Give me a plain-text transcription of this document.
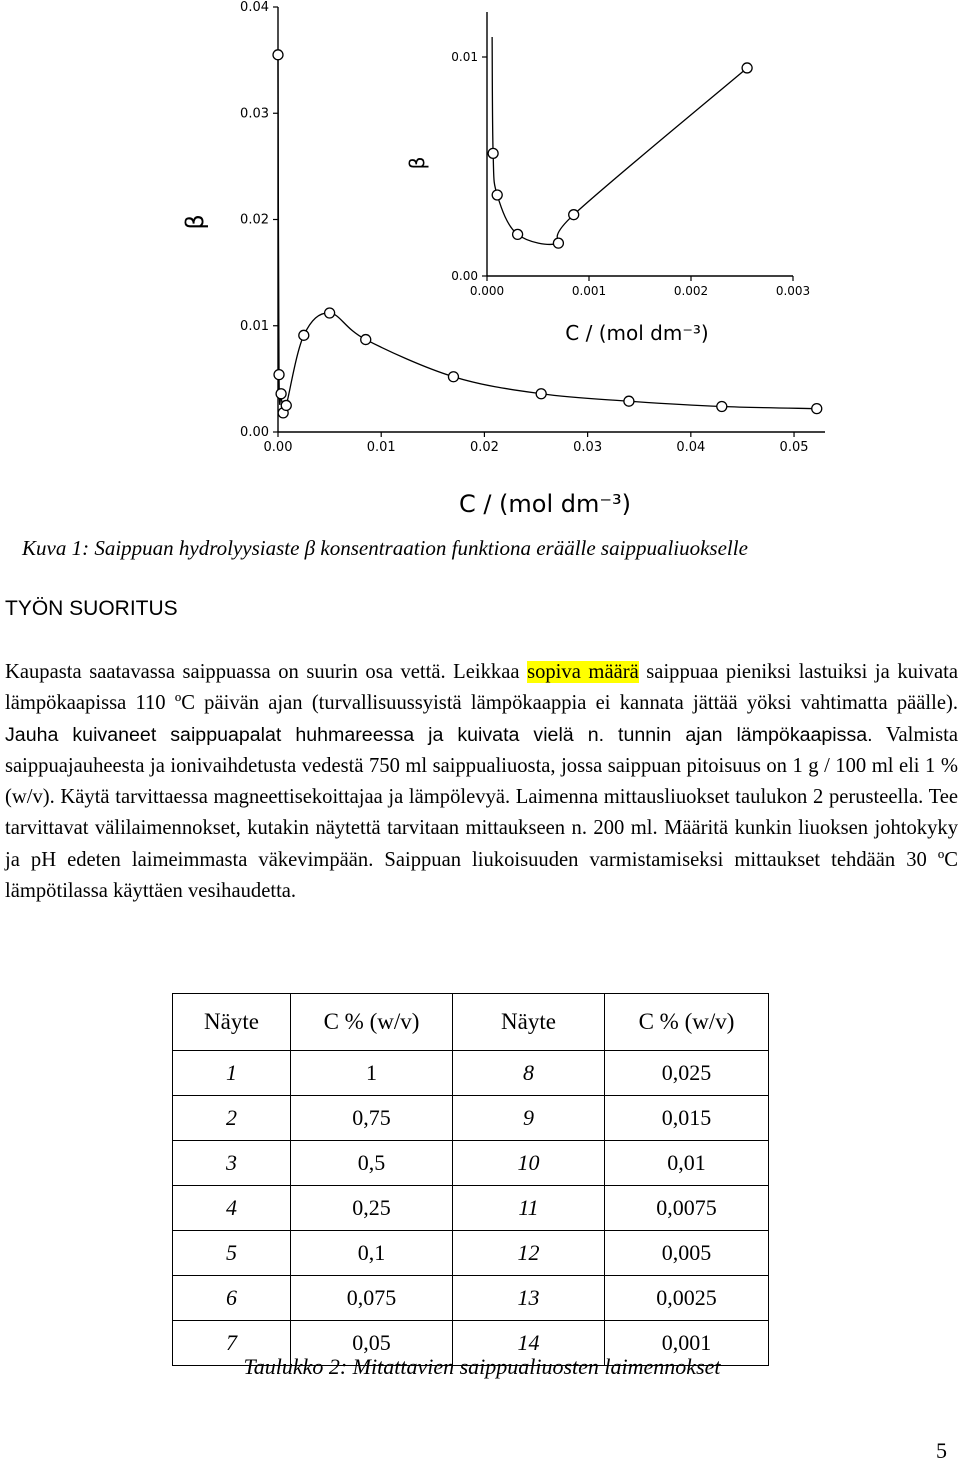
0.00	0.01	0.02	0.03	0.04	0.05
0.00
0.01
0.02
0.03
0.04
β
C / (mol dm⁻³)
0.000	0.001	0.002	0.003
0.00
0.01
β
C / (mol dm⁻³)
Kuva 1: Saippuan hydrolyysiaste β konsentraation funktiona eräälle saippualiuokselle
TYÖN SUORITUS
Kaupasta saatavassa saippuassa on suurin osa vettä. Leikkaa sopiva määrä saippuaa pieniksi lastuiksi ja kuivata lämpökaapissa 110 ºC päivän ajan (turvallisuussyistä lämpökaappia ei kannata jättää yöksi vahtimatta päälle). Jauha kuivaneet saippuapalat huhmareessa ja kuivata vielä n. tunnin ajan lämpökaapissa. Valmista saippuajauheesta ja ionivaihdetusta vedestä 750 ml saippualiuosta, jossa saippuan pitoisuus on 1 g / 100 ml eli 1 % (w/v). Käytä tarvittaessa magneettisekoittajaa ja lämpölevyä. Laimenna mittausliuokset taulukon 2 perusteella. Tee tarvittavat välilaimennokset, kutakin näytettä tarvitaan mittaukseen n. 200 ml. Määritä kunkin liuoksen johtokyky ja pH edeten laimeimmasta väkevimpään. Saippuan liukoisuuden varmistamiseksi mittaukset tehdään 30 ºC lämpötilassa käyttäen vesihaudetta.
Näyte	C % (w/v)	Näyte	C % (w/v)
1	1	8	0,025
2	0,75	9	0,015
3	0,5	10	0,01
4	0,25	11	0,0075
5	0,1	12	0,005
6	0,075	13	0,0025
7	0,05	14	0,001
Taulukko 2: Mitattavien saippualiuosten laimennokset
5
